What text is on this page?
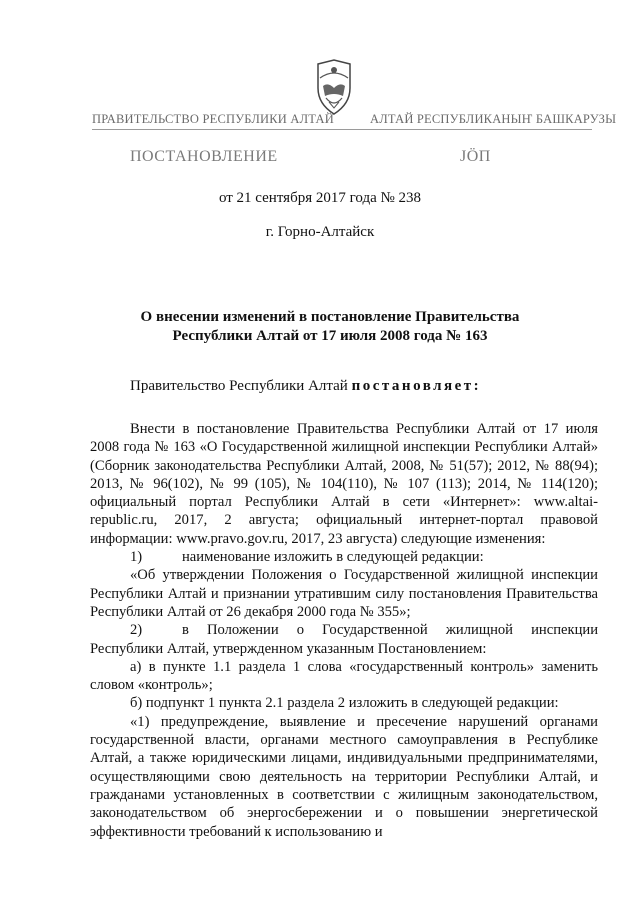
ПРАВИТЕЛЬСТВО РЕСПУБЛИКИ АЛТАЙ	АЛТАЙ РЕСПУБЛИКАНЫҤ БАШКАРУЗЫ
ПОСТАНОВЛЕНИЕ	ЈӦП
от 21 сентября 2017 года № 238
г. Горно-Алтайск
О внесении изменений в постановление Правительства
Республики Алтай от 17 июля 2008 года № 163
Правительство Республики Алтай постановляет:

Внести в постановление Правительства Республики Алтай от 17 июля 2008 года № 163 «О Государственной жилищной инспекции Республики Алтай» (Сборник законодательства Республики Алтай, 2008, № 51(57); 2012, № 88(94); 2013, № 96(102), № 99 (105), № 104(110), № 107 (113); 2014, № 114(120); официальный портал Республики Алтай в сети «Интернет»: www.altai-republic.ru, 2017, 2 августа; официальный интернет-портал правовой информации: www.pravo.gov.ru, 2017, 23 августа) следующие изменения:

1)	наименование изложить в следующей редакции:

«Об утверждении Положения о Государственной жилищной инспекции Республики Алтай и признании утратившим силу постановления Правительства Республики Алтай от 26 декабря 2000 года № 355»;

2)	в Положении о Государственной жилищной инспекции Республики Алтай, утвержденном указанным Постановлением:

а) в пункте 1.1 раздела 1 слова «государственный контроль» заменить словом «контроль»;

б) подпункт 1 пункта 2.1 раздела 2 изложить в следующей редакции:

«1) предупреждение, выявление и пресечение нарушений органами государственной власти, органами местного самоуправления в Республике Алтай, а также юридическими лицами, индивидуальными предпринимателями, осуществляющими свою деятельность на территории Республики Алтай, и гражданами установленных в соответствии с жилищным законодательством, законодательством об энергосбережении и о повышении энергетической эффективности требований к использованию и
